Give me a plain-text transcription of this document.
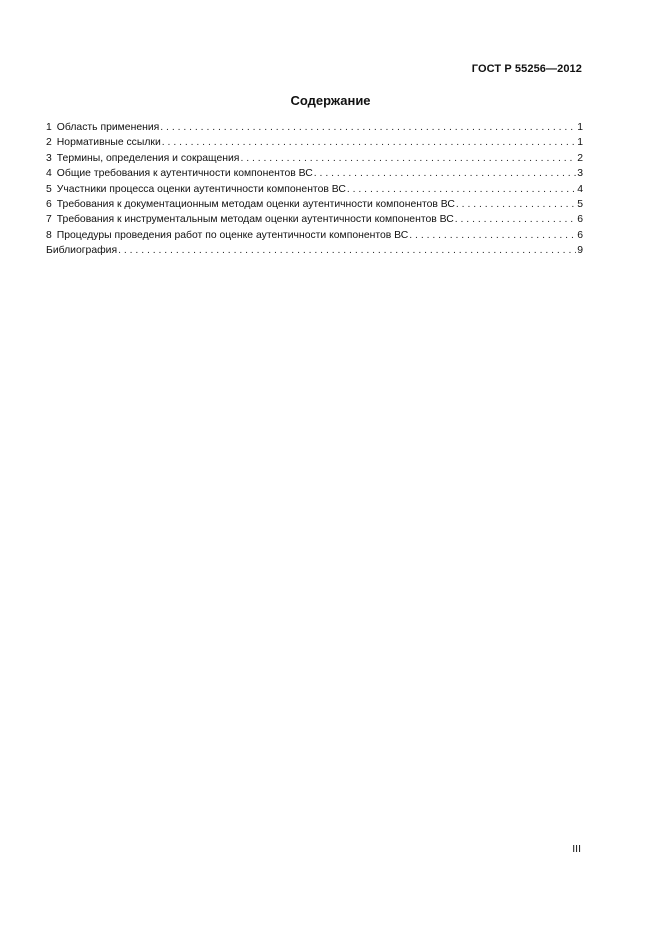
ГОСТ Р 55256—2012
Содержание
1 Область применения . . .	1
2 Нормативные ссылки . . .	1
3 Термины, определения и сокращения . . .	2
4 Общие требования к аутентичности компонентов ВС . . .	3
5 Участники процесса оценки аутентичности компонентов ВС . . .	4
6 Требования к документационным методам оценки аутентичности компонентов ВС . . .	5
7 Требования к инструментальным методам оценки аутентичности компонентов ВС . . .	6
8 Процедуры проведения работ по оценке аутентичности компонентов ВС . . .	6
Библиография . . .	9
III
